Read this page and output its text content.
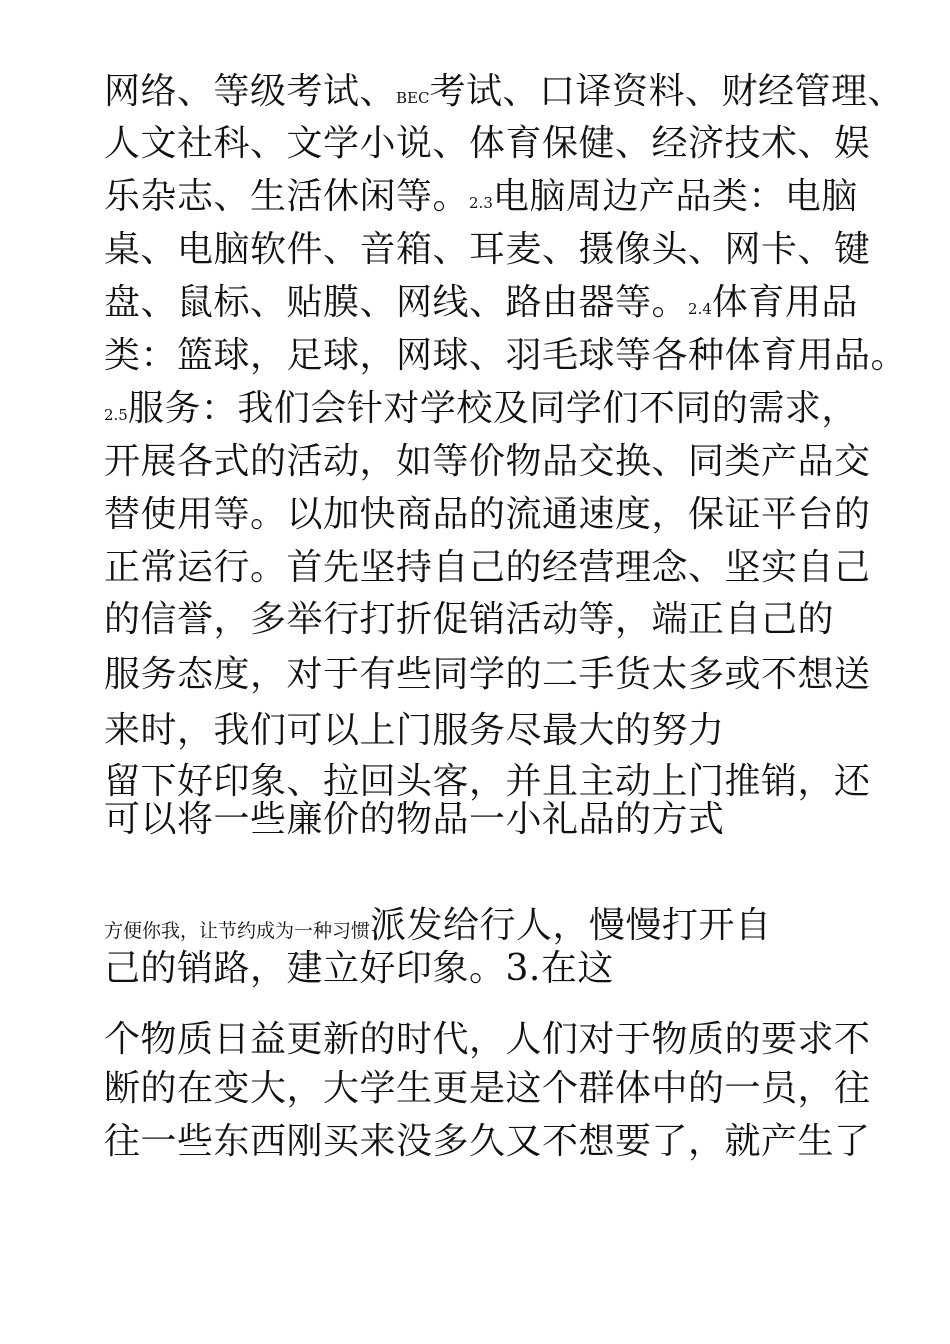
网络、等级考试、BEC考试、口译资料、财经管理、
人文社科、文学小说、体育保健、经济技术、娱
乐杂志、生活休闲等。2.3电脑周边产品类：电脑
桌、电脑软件、音箱、耳麦、摄像头、网卡、键
盘、鼠标、贴膜、网线、路由器等。2.4体育用品
类：篮球，足球，网球、羽毛球等各种体育用品。
2.5服务：我们会针对学校及同学们不同的需求，
开展各式的活动，如等价物品交换、同类产品交
替使用等。以加快商品的流通速度，保证平台的
正常运行。首先坚持自己的经营理念、坚实自己
的信誉，多举行打折促销活动等，端正自己的
服务态度，对于有些同学的二手货太多或不想送
来时，我们可以上门服务尽最大的努力
留下好印象、拉回头客，并且主动上门推销，还
可以将一些廉价的物品一小礼品的方式
方便你我，让节约成为一种习惯派发给行人，慢慢打开自
己的销路，建立好印象。3.在这
个物质日益更新的时代，人们对于物质的要求不
断的在变大，大学生更是这个群体中的一员，往
往一些东西刚买来没多久又不想要了，就产生了
